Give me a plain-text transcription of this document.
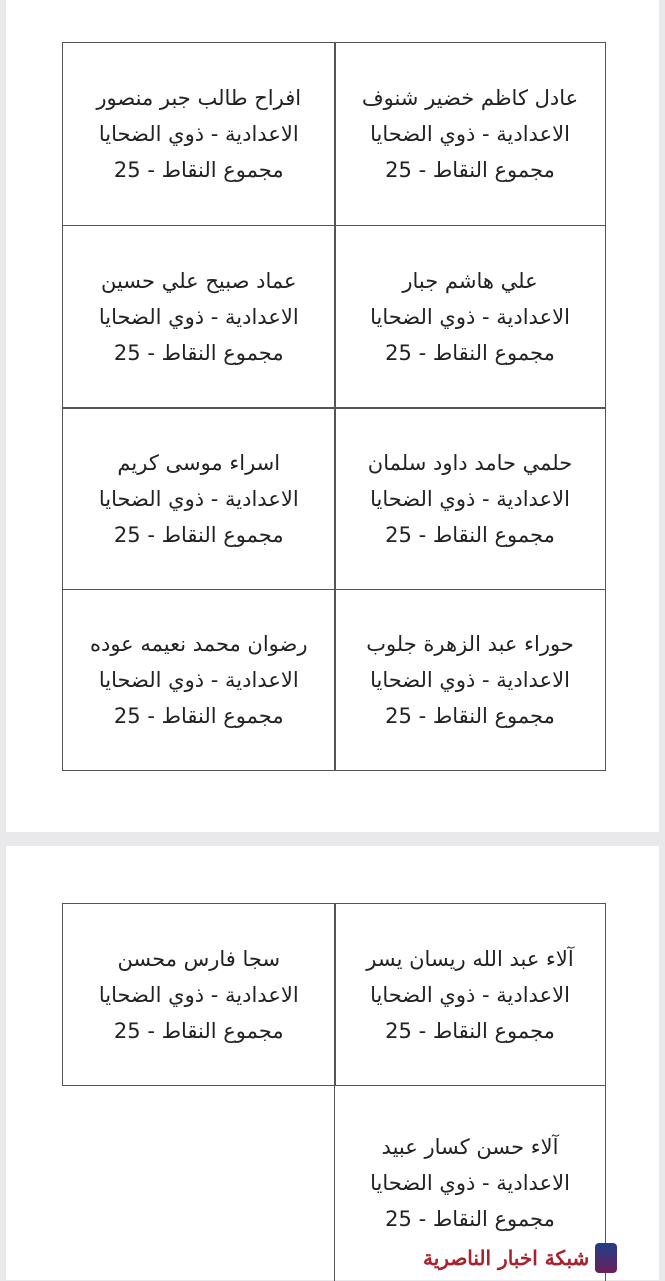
عادل كاظم خضير شنوف
الاعدادية - ذوي الضحايا
مجموع النقاط - 25
افراح طالب جبر منصور
الاعدادية - ذوي الضحايا
مجموع النقاط - 25
علي هاشم جبار
الاعدادية - ذوي الضحايا
مجموع النقاط - 25
عماد صبيح علي حسين
الاعدادية - ذوي الضحايا
مجموع النقاط - 25
حلمي حامد داود سلمان
الاعدادية - ذوي الضحايا
مجموع النقاط - 25
اسراء موسى كريم
الاعدادية - ذوي الضحايا
مجموع النقاط - 25
حوراء عبد الزهرة جلوب
الاعدادية - ذوي الضحايا
مجموع النقاط - 25
رضوان محمد نعيمه عوده
الاعدادية - ذوي الضحايا
مجموع النقاط - 25
آلاء عبد الله ريسان يسر
الاعدادية - ذوي الضحايا
مجموع النقاط - 25
سجا فارس محسن
الاعدادية - ذوي الضحايا
مجموع النقاط - 25
آلاء حسن كسار عبيد
الاعدادية - ذوي الضحايا
مجموع النقاط - 25
شبكة اخبار الناصرية
